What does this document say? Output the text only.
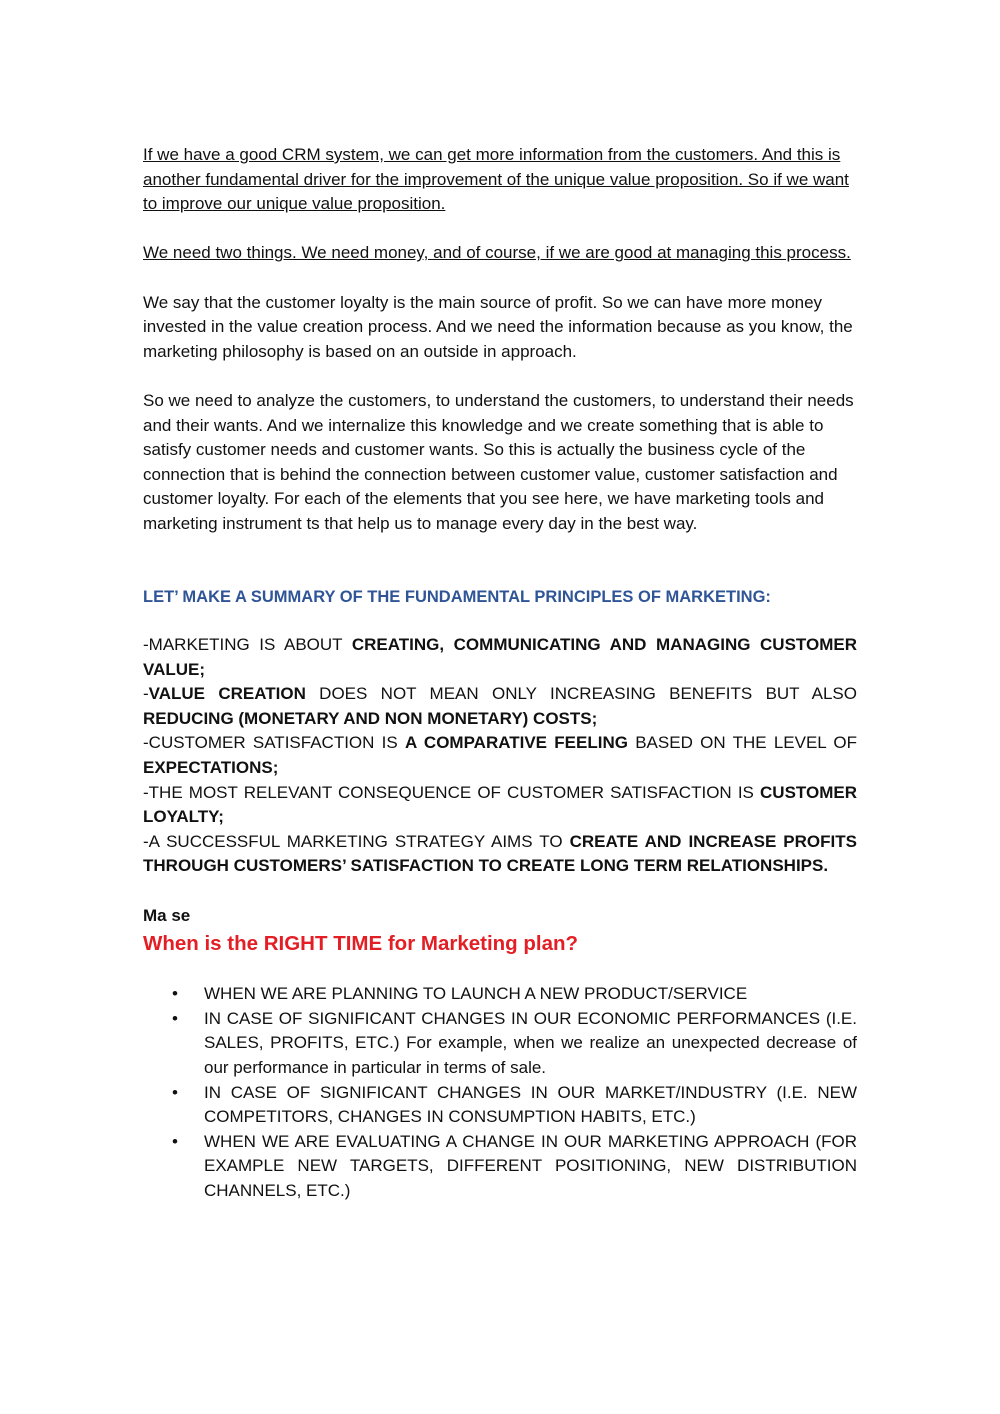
If we have a good CRM system, we can get more information from the customers. And this is another fundamental driver for the improvement of the unique value proposition. So if we want to improve our unique value proposition.

We need two things. We need money, and of course, if we are good at managing this process.

We say that the customer loyalty is the main source of profit. So we can have more money invested in the value creation process. And we need the information because as you know, the marketing philosophy is based on an outside in approach.

So we need to analyze the customers, to understand the customers, to understand their needs and their wants. And we internalize this knowledge and we create something that is able to satisfy customer needs and customer wants. So this is actually the business cycle of the connection that is behind the connection between customer value, customer satisfaction and customer loyalty. For each of the elements that you see here, we have marketing tools and marketing instrument ts that help us to manage every day in the best way.

LET’ MAKE A SUMMARY OF THE FUNDAMENTAL PRINCIPLES OF MARKETING:

-MARKETING IS ABOUT CREATING, COMMUNICATING AND MANAGING CUSTOMER VALUE;

-VALUE CREATION DOES NOT MEAN ONLY INCREASING BENEFITS BUT ALSO REDUCING (MONETARY AND NON MONETARY) COSTS;

-CUSTOMER SATISFACTION IS A COMPARATIVE FEELING BASED ON THE LEVEL OF EXPECTATIONS;

-THE MOST RELEVANT CONSEQUENCE OF CUSTOMER SATISFACTION IS CUSTOMER LOYALTY;

-A SUCCESSFUL MARKETING STRATEGY AIMS TO CREATE AND INCREASE PROFITS THROUGH CUSTOMERS’ SATISFACTION TO CREATE LONG TERM RELATIONSHIPS.

Ma se

When is the RIGHT TIME for Marketing plan?
• WHEN WE ARE PLANNING TO LAUNCH A NEW PRODUCT/SERVICE
• IN CASE OF SIGNIFICANT CHANGES IN OUR ECONOMIC PERFORMANCES (I.E. SALES, PROFITS, ETC.) For example, when we realize an unexpected decrease of our performance in particular in terms of sale.
• IN CASE OF SIGNIFICANT CHANGES IN OUR MARKET/INDUSTRY (I.E. NEW COMPETITORS, CHANGES IN CONSUMPTION HABITS, ETC.)
• WHEN WE ARE EVALUATING A CHANGE IN OUR MARKETING APPROACH (FOR EXAMPLE NEW TARGETS, DIFFERENT POSITIONING, NEW DISTRIBUTION CHANNELS, ETC.)
